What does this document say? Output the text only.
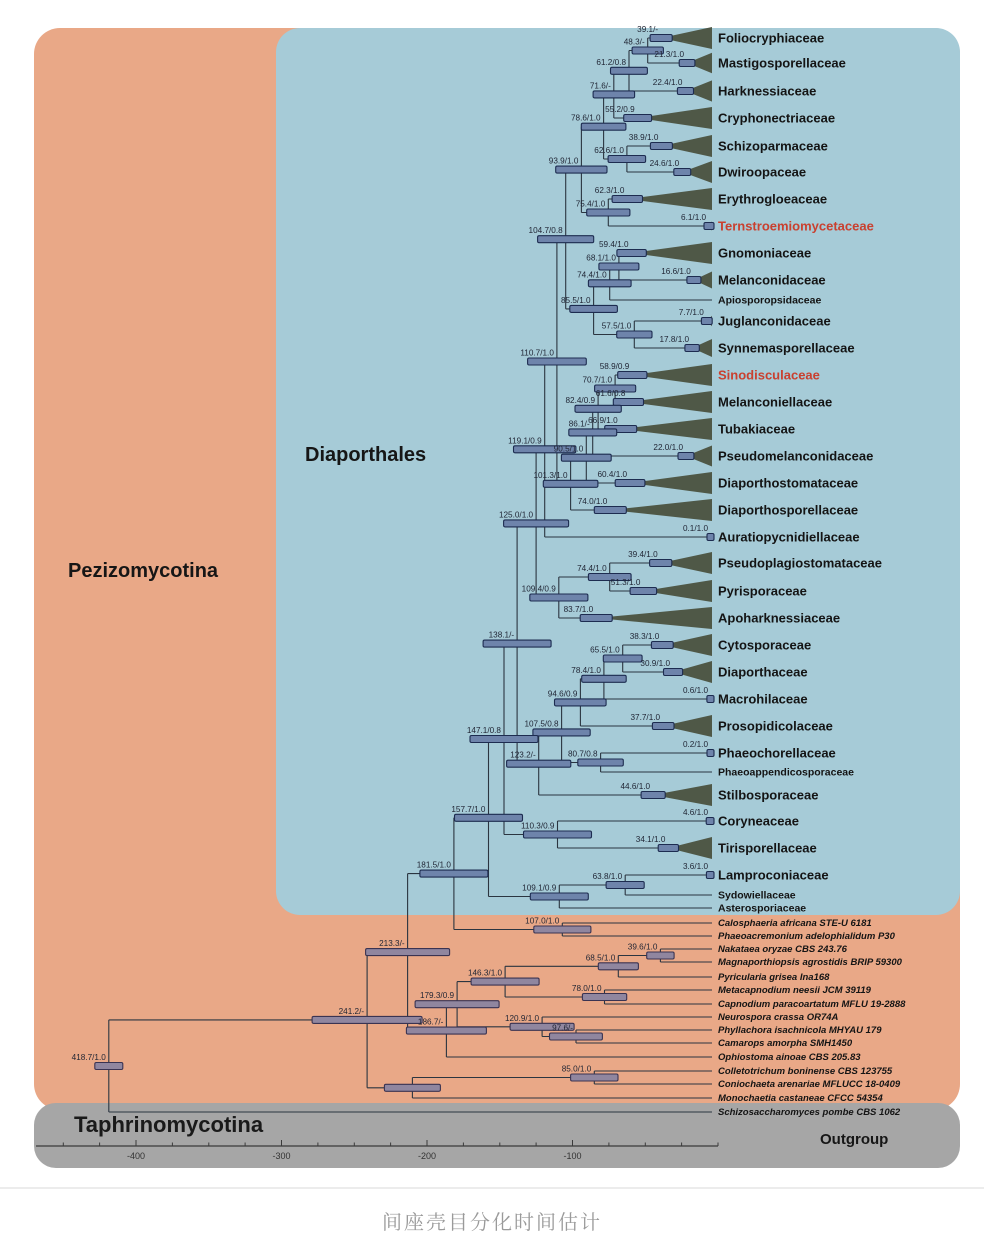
39.1/-
21.3/1.0
48.3/-
22.4/1.0
61.2/0.8
55.2/0.9
71.6/-
38.9/1.0
24.6/1.0
62.6/1.0
78.6/1.0
62.3/1.0
6.1/1.0
75.4/1.0
93.9/1.0
59.4/1.0
16.6/1.0
68.1/1.0
74.4/1.0
7.7/1.0
17.8/1.0
57.5/1.0
85.5/1.0
104.7/0.8
58.9/0.9
61.6/0.8
70.7/1.0
66.9/1.0
82.4/0.9
22.0/1.0
86.1/-
60.4/1.0
90.5/1.0
74.0/1.0
101.3/1.0
110.7/1.0
0.1/1.0
119.1/0.9
39.4/1.0
51.3/1.0
74.4/1.0
83.7/1.0
109.4/0.9
125.0/1.0
38.3/1.0
30.9/1.0
65.5/1.0
0.6/1.0
78.4/1.0
37.7/1.0
94.6/0.9
0.2/1.0
80.7/0.8
107.5/0.8
44.6/1.0
123.2/-
138.1/-
4.6/1.0
34.1/1.0
110.3/0.9
147.1/0.8
3.6/1.0
63.8/1.0
109.1/0.9
157.7/1.0
107.0/1.0
181.5/1.0
39.6/1.0
68.5/1.0
78.0/1.0
146.3/1.0
97.6/-
120.9/1.0
179.3/0.9
186.7/-
213.3/-
85.0/1.0
241.2/-
418.7/1.0
Foliocryphiaceae
Mastigosporellaceae
Harknessiaceae
Cryphonectriaceae
Schizoparmaceae
Dwiroopaceae
Erythrogloeaceae
Ternstroemiomycetaceae
Gnomoniaceae
Melanconidaceae
Apiosporopsidaceae
Juglanconidaceae
Synnemasporellaceae
Sinodisculaceae
Melanconiellaceae
Tubakiaceae
Pseudomelanconidaceae
Diaporthostomataceae
Diaporthosporellaceae
Auratiopycnidiellaceae
Pseudoplagiostomataceae
Pyrisporaceae
Apoharknessiaceae
Cytosporaceae
Diaporthaceae
Macrohilaceae
Prosopidicolaceae
Phaeochorellaceae
Phaeoappendicosporaceae
Stilbosporaceae
Coryneaceae
Tirisporellaceae
Lamproconiaceae
Sydowiellaceae
Asterosporiaceae
Calosphaeria africana STE-U 6181
Phaeoacremonium adelophialidum P30
Nakataea oryzae CBS 243.76
Magnaporthiopsis agrostidis BRIP 59300
Pyricularia grisea Ina168
Metacapnodium neesii JCM 39119
Capnodium paracoartatum MFLU 19-2888
Neurospora crassa OR74A
Phyllachora isachnicola MHYAU 179
Camarops amorpha SMH1450
Ophiostoma ainoae CBS 205.83
Colletotrichum boninense CBS 123755
Coniochaeta arenariae MFLUCC 18-0409
Monochaetia castaneae CFCC 54354
Schizosaccharomyces pombe CBS 1062
-400	-300	-200	-100
Pezizomycotina
Diaporthales
Taphrinomycotina
Outgroup
间座壳目分化时间估计
